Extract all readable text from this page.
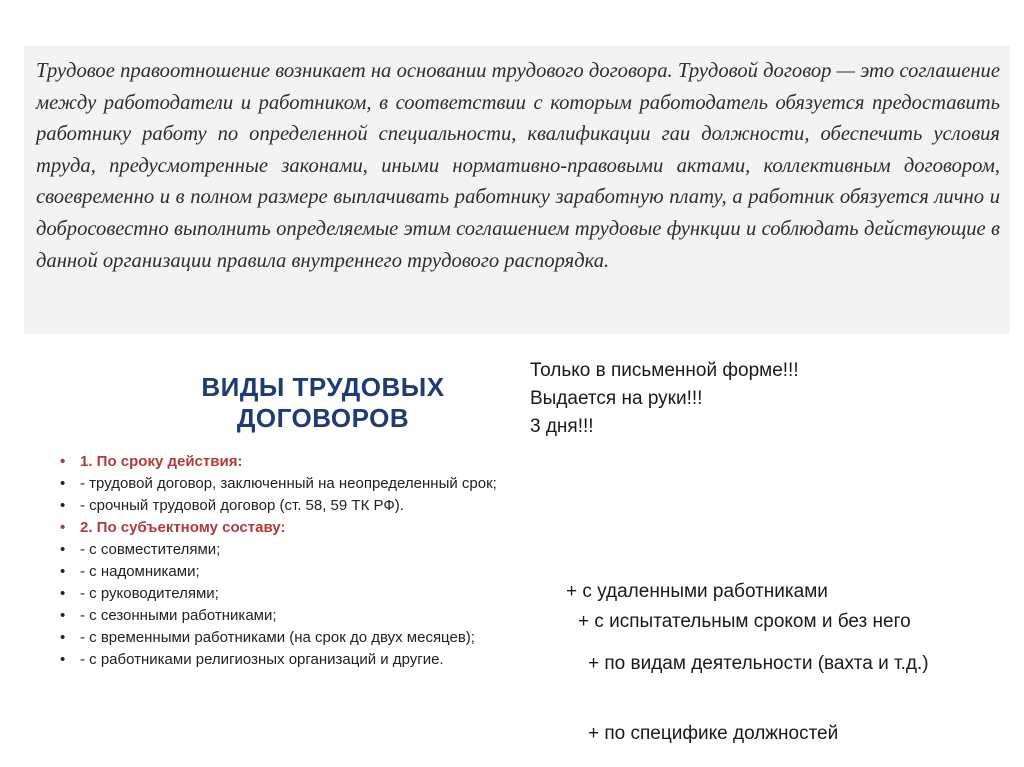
Трудовое правоотношение возникает на основании трудового договора. Трудовой договор — это соглашение между работодатели и работником, в соответствии с которым работодатель обязуется предоставить работнику работу по определенной специальности, квалификации гаи должности, обеспечить условия труда, предусмотренные законами, иными нормативно-правовыми актами, коллективным договором, своевременно и в полном размере выплачивать работнику заработную плату, а работник обязуется лично и добросовестно выполнить определяемые этим соглашением трудовые функции и соблюдать действующие в данной организации правила внутреннего трудового распорядка.

Только в письменной форме!!!
Выдается на руки!!!
3 дня!!!
ВИДЫ ТРУДОВЫХ ДОГОВОРОВ
• 1. По сроку действия:
• - трудовой договор, заключенный на неопределенный срок;
• - срочный трудовой договор (ст. 58, 59 ТК РФ).
• 2. По субъектному составу:
• - с совместителями;
• - с надомниками;
• - с руководителями;
• - с сезонными работниками;
• - с временными работниками (на срок до двух месяцев);
• - с работниками религиозных организаций и другие.
+ с удаленными работниками
+ с испытательным сроком и без него
+ по видам деятельности (вахта и т.д.)
+ по специфике должностей
